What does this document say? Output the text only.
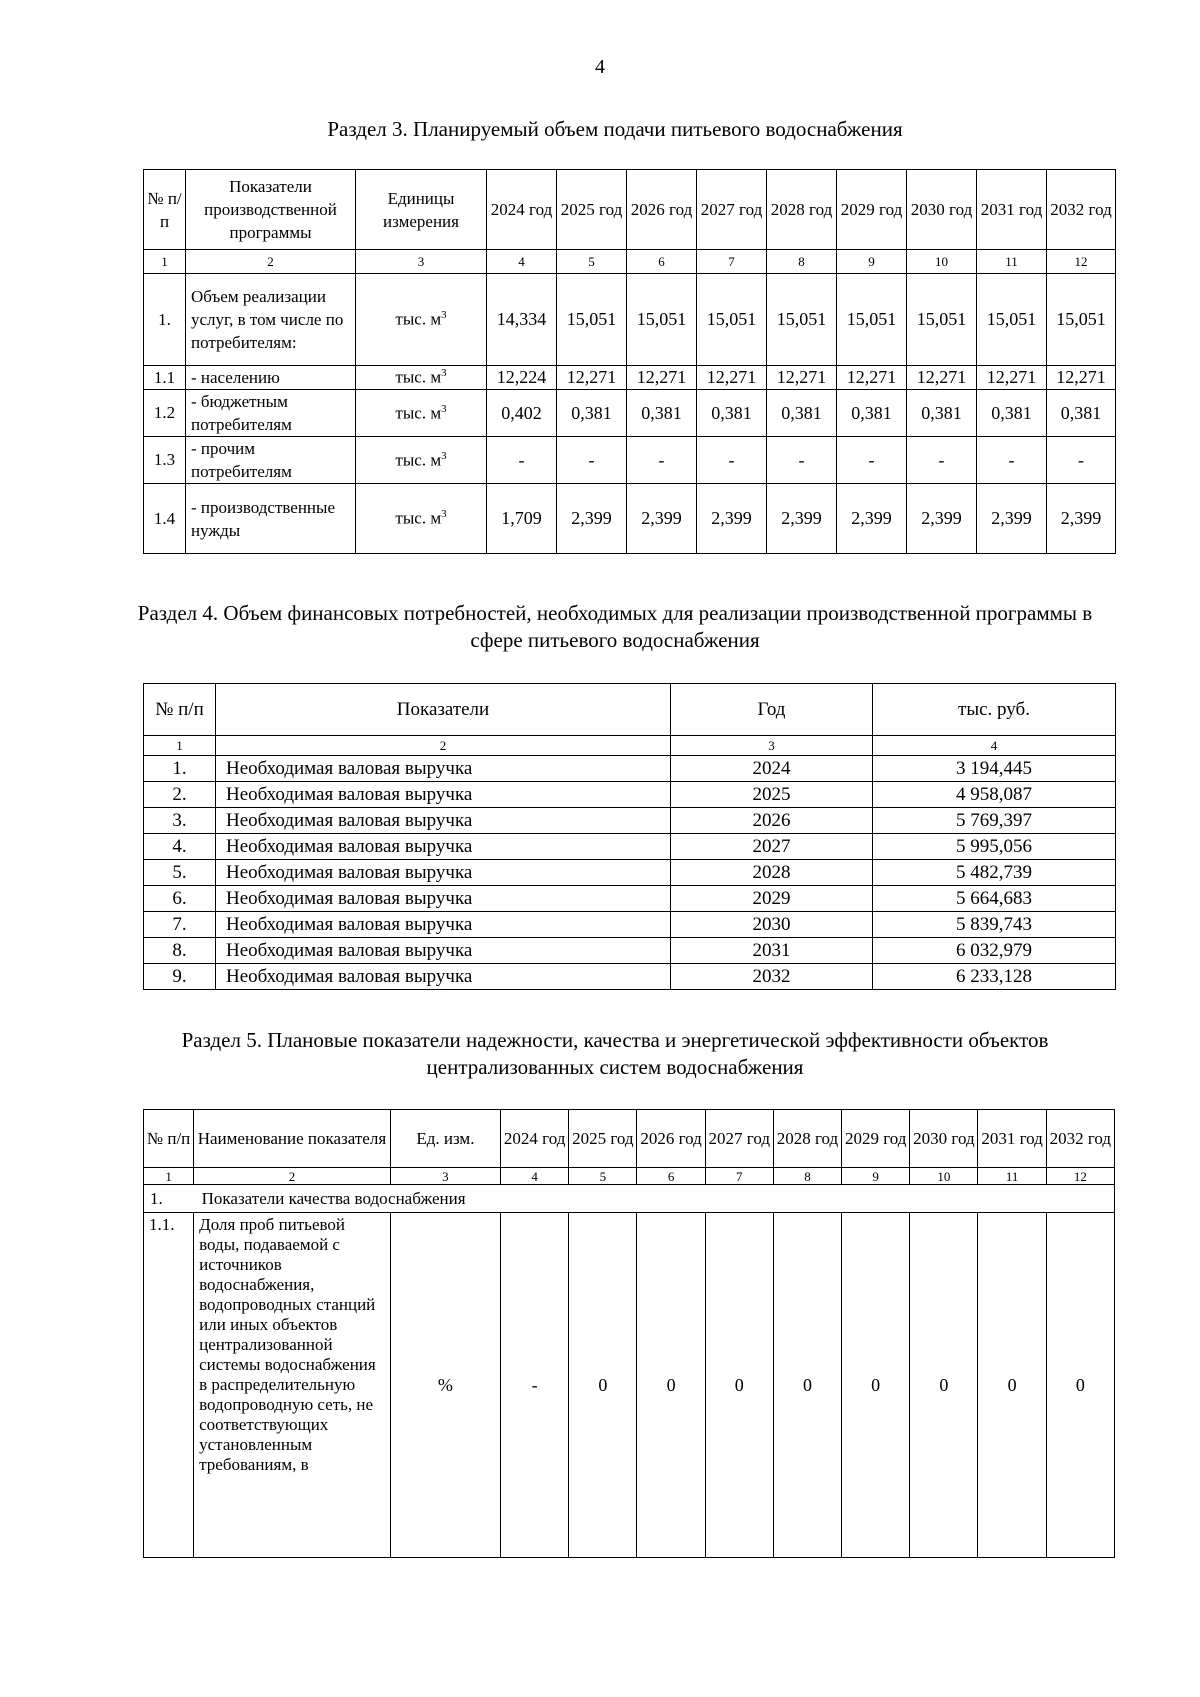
4
Раздел 3. Планируемый объем подачи питьевого водоснабжения
№ п/п	Показатели производственной программы	Единицы измерения	2024 год	2025 год	2026 год	2027 год	2028 год	2029 год	2030 год	2031 год	2032 год
1	2	3	4	5	6	7	8	9	10	11	12
1.	Объем реализации услуг, в том числе по потребителям:	тыс. $м^3$	14,334	15,051	15,051	15,051	15,051	15,051	15,051	15,051	15,051
1.1	- населению	тыс. $м^3$	12,224	12,271	12,271	12,271	12,271	12,271	12,271	12,271	12,271
1.2	- бюджетным потребителям	тыс. $м^3$	0,402	0,381	0,381	0,381	0,381	0,381	0,381	0,381	0,381
1.3	- прочим потребителям	тыс. $м^3$	-	-	-	-	-	-	-	-	-
1.4	- производственные нужды	тыс. $м^3$	1,709	2,399	2,399	2,399	2,399	2,399	2,399	2,399	2,399
Раздел 4. Объем финансовых потребностей, необходимых для реализации производственной программы в сфере питьевого водоснабжения
№ п/п	Показатели	Год	тыс. руб.
1	2	3	4
1.	Необходимая валовая выручка	2024	3 194,445
2.	Необходимая валовая выручка	2025	4 958,087
3.	Необходимая валовая выручка	2026	5 769,397
4.	Необходимая валовая выручка	2027	5 995,056
5.	Необходимая валовая выручка	2028	5 482,739
6.	Необходимая валовая выручка	2029	5 664,683
7.	Необходимая валовая выручка	2030	5 839,743
8.	Необходимая валовая выручка	2031	6 032,979
9.	Необходимая валовая выручка	2032	6 233,128
Раздел 5. Плановые показатели надежности, качества и энергетической эффективности объектов централизованных систем водоснабжения
№ п/п	Наименование показателя	Ед. изм.	2024 год	2025 год	2026 год	2027 год	2028 год	2029 год	2030 год	2031 год	2032 год
1	2	3	4	5	6	7	8	9	10	11	12
1.	Показатели качества водоснабжения										
1.1.	Доля проб питьевой воды, подаваемой с источников водоснабжения, водопроводных станций или иных объектов централизованной системы водоснабжения в распределительную водопроводную сеть, не соответствующих установленным требованиям, в	%	-	0	0	0	0	0	0	0	0
